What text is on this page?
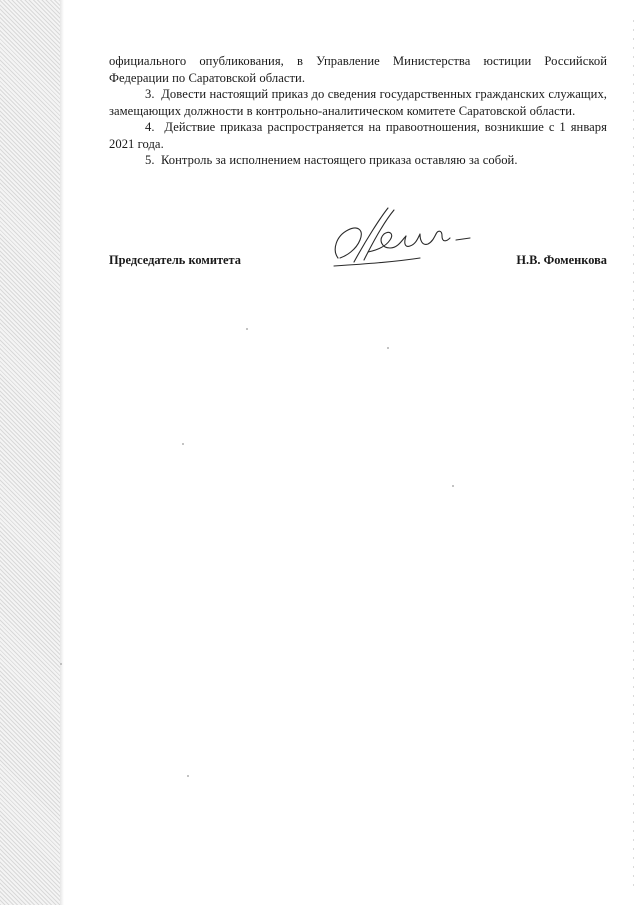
официального опубликования, в Управление Министерства юстиции Российской Федерации по Саратовской области.

3. Довести настоящий приказ до сведения государственных гражданских служащих, замещающих должности в контрольно-аналитическом комитете Саратовской области.

4. Действие приказа распространяется на правоотношения, возникшие с 1 января 2021 года.

5. Контроль за исполнением настоящего приказа оставляю за собой.

Председатель комитета	Н.В. Фоменкова
